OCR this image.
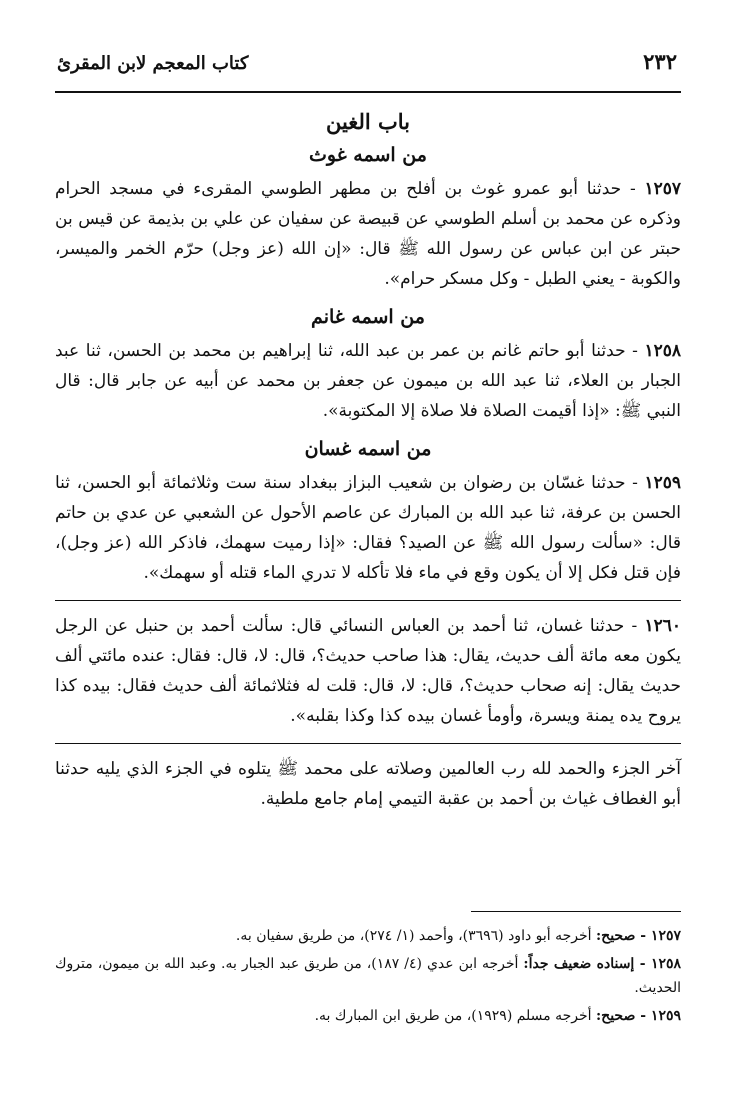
٢٣٢
كتاب المعجم لابن المقرئ
باب الغين
من اسمه غوث

١٢٥٧ - حدثنا أبو عمرو غوث بن أفلح بن مطهر الطوسي المقرىء في مسجد الحرام وذكره عن محمد بن أسلم الطوسي عن قبيصة عن سفيان عن علي بن بذيمة عن قيس بن حبتر عن ابن عباس عن رسول الله ﷺ قال: «إن الله (عز وجل) حرّم الخمر والميسر، والكوبة - يعني الطبل - وكل مسكر حرام».

من اسمه غانم

١٢٥٨ - حدثنا أبو حاتم غانم بن عمر بن عبد الله، ثنا إبراهيم بن محمد بن الحسن، ثنا عبد الجبار بن العلاء، ثنا عبد الله بن ميمون عن جعفر بن محمد عن أبيه عن جابر قال: قال النبي ﷺ: «إذا أقيمت الصلاة فلا صلاة إلا المكتوبة».

من اسمه غسان

١٢٥٩ - حدثنا غسّان بن رضوان بن شعيب البزاز ببغداد سنة ست وثلاثمائة أبو الحسن، ثنا الحسن بن عرفة، ثنا عبد الله بن المبارك عن عاصم الأحول عن الشعبي عن عدي بن حاتم قال: «سألت رسول الله ﷺ عن الصيد؟ فقال: «إذا رميت سهمك، فاذكر الله (عز وجل)، فإن قتل فكل إلا أن يكون وقع في ماء فلا تأكله لا تدري الماء قتله أو سهمك».

١٢٦٠ - حدثنا غسان، ثنا أحمد بن العباس النسائي قال: سألت أحمد بن حنبل عن الرجل يكون معه مائة ألف حديث، يقال: هذا صاحب حديث؟، قال: لا، قال: فقال: عنده مائتي ألف حديث يقال: إنه صحاب حديث؟، قال: لا، قال: قلت له فثلاثمائة ألف حديث فقال: بيده كذا يروح يده يمنة ويسرة، وأومأ غسان بيده كذا وكذا بقلبه».

آخر الجزء والحمد لله رب العالمين وصلاته على محمد ﷺ يتلوه في الجزء الذي يليه حدثنا أبو الغطاف غياث بن أحمد بن عقبة التيمي إمام جامع ملطية.

١٢٥٧ - صحيح: أخرجه أبو داود (٣٦٩٦)، وأحمد (١/ ٢٧٤)، من طريق سفيان به.

١٢٥٨ - إسناده ضعيف جداً: أخرجه ابن عدي (٤/ ١٨٧)، من طريق عبد الجبار به. وعبد الله بن ميمون، متروك الحديث.

١٢٥٩ - صحيح: أخرجه مسلم (١٩٢٩)، من طريق ابن المبارك به.
